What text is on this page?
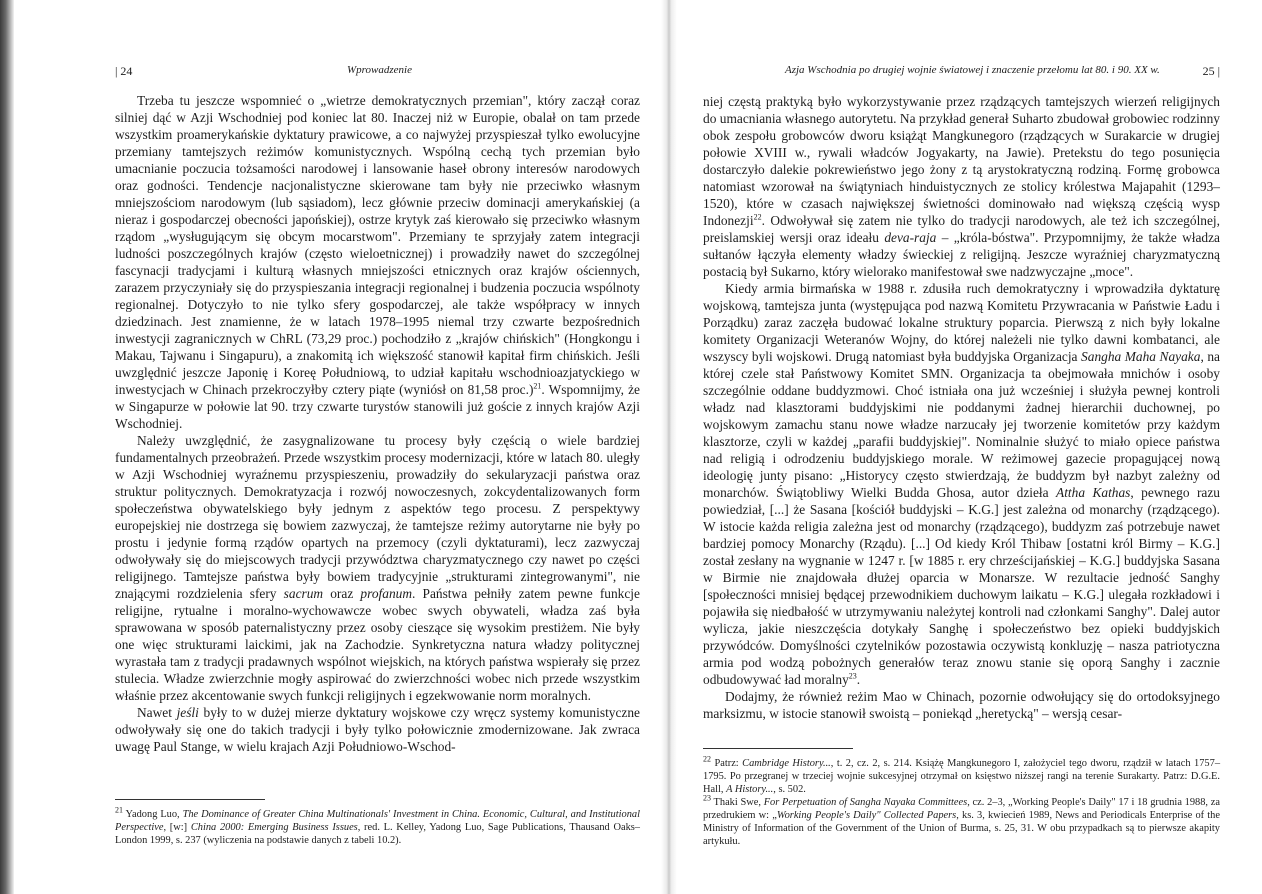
| 24	Wprowadzenie

Trzeba tu jeszcze wspomnieć o „wietrze demokratycznych przemian", który zaczął coraz silniej dąć w Azji Wschodniej pod koniec lat 80. Inaczej niż w Europie, obalał on tam przede wszystkim proamerykańskie dyktatury prawicowe, a co najwyżej przyspieszał tylko ewolucyjne przemiany tamtejszych reżimów komunistycznych. Wspólną cechą tych przemian było umacnianie poczucia tożsamości narodowej i lansowanie haseł obrony interesów narodowych oraz godności. Tendencje nacjonalistyczne skierowane tam były nie przeciwko własnym mniejszościom narodowym (lub sąsiadom), lecz głównie przeciw dominacji amerykańskiej (a nieraz i gospodarczej obecności japońskiej), ostrze krytyk zaś kierowało się przeciwko własnym rządom „wysługującym się obcym mocarstwom". Przemiany te sprzyjały zatem integracji ludności poszczególnych krajów (często wieloetnicznej) i prowadziły nawet do szczególnej fascynacji tradycjami i kulturą własnych mniejszości etnicznych oraz krajów ościennych, zarazem przyczyniały się do przyspieszania integracji regionalnej i budzenia poczucia wspólnoty regionalnej. Dotyczyło to nie tylko sfery gospodarczej, ale także współpracy w innych dziedzinach. Jest znamienne, że w latach 1978–1995 niemal trzy czwarte bezpośrednich inwestycji zagranicznych w ChRL (73,29 proc.) pochodziło z „krajów chińskich" (Hongkongu i Makau, Tajwanu i Singapuru), a znakomitą ich większość stanowił kapitał firm chińskich. Jeśli uwzględnić jeszcze Japonię i Koreę Południową, to udział kapitału wschodnioazjatyckiego w inwestycjach w Chinach przekroczyłby cztery piąte (wyniósł on 81,58 proc.)$^{21}$. Wspomnijmy, że w Singapurze w połowie lat 90. trzy czwarte turystów stanowili już goście z innych krajów Azji Wschodniej.

Należy uwzględnić, że zasygnalizowane tu procesy były częścią o wiele bardziej fundamentalnych przeobrażeń. Przede wszystkim procesy modernizacji, które w latach 80. uległy w Azji Wschodniej wyraźnemu przyspieszeniu, prowadziły do sekularyzacji państwa oraz struktur politycznych. Demokratyzacja i rozwój nowoczesnych, zokcydentalizowanych form społeczeństwa obywatelskiego były jednym z aspektów tego procesu. Z perspektywy europejskiej nie dostrzega się bowiem zazwyczaj, że tamtejsze reżimy autorytarne nie były po prostu i jedynie formą rządów opartych na przemocy (czyli dyktaturami), lecz zazwyczaj odwoływały się do miejscowych tradycji przywództwa charyzmatycznego czy nawet po części religijnego. Tamtejsze państwa były bowiem tradycyjnie „strukturami zintegrowanymi", nie znającymi rozdzielenia sfery sacrum oraz profanum. Państwa pełniły zatem pewne funkcje religijne, rytualne i moralno-wychowawcze wobec swych obywateli, władza zaś była sprawowana w sposób paternalistyczny przez osoby cieszące się wysokim prestiżem. Nie były one więc strukturami laickimi, jak na Zachodzie. Synkretyczna natura władzy politycznej wyrastała tam z tradycji pradawnych wspólnot wiejskich, na których państwa wspierały się przez stulecia. Władze zwierzchnie mogły aspirować do zwierzchności wobec nich przede wszystkim właśnie przez akcentowanie swych funkcji religijnych i egzekwowanie norm moralnych.

Nawet jeśli były to w dużej mierze dyktatury wojskowe czy wręcz systemy komunistyczne odwoływały się one do takich tradycji i były tylko połowicznie zmodernizowane. Jak zwraca uwagę Paul Stange, w wielu krajach Azji Południowo-Wschod-

$^{21}$ Yadong Luo, The Dominance of Greater China Multinationals' Investment in China. Economic, Cultural, and Institutional Perspective, [w:] China 2000: Emerging Business Issues, red. L. Kelley, Yadong Luo, Sage Publications, Thausand Oaks–London 1999, s. 237 (wyliczenia na podstawie danych z tabeli 10.2).

Azja Wschodnia po drugiej wojnie światowej i znaczenie przełomu lat 80. i 90. XX w.	25 |

niej częstą praktyką było wykorzystywanie przez rządzących tamtejszych wierzeń religijnych do umacniania własnego autorytetu. Na przykład generał Suharto zbudował grobowiec rodzinny obok zespołu grobowców dworu książąt Mangkunegoro (rządzących w Surakarcie w drugiej połowie XVIII w., rywali władców Jogyakarty, na Jawie). Pretekstu do tego posunięcia dostarczyło dalekie pokrewieństwo jego żony z tą arystokratyczną rodziną. Formę grobowca natomiast wzorował na świątyniach hinduistycznych ze stolicy królestwa Majapahit (1293–1520), które w czasach największej świetności dominowało nad większą częścią wysp Indonezji$^{22}$. Odwoływał się zatem nie tylko do tradycji narodowych, ale też ich szczególnej, preislamskiej wersji oraz ideału deva-raja – „króla-bóstwa". Przypomnijmy, że także władza sułtanów łączyła elementy władzy świeckiej z religijną. Jeszcze wyraźniej charyzmatyczną postacią był Sukarno, który wielorako manifestował swe nadzwyczajne „moce".

Kiedy armia birmańska w 1988 r. zdusiła ruch demokratyczny i wprowadziła dyktaturę wojskową, tamtejsza junta (występująca pod nazwą Komitetu Przywracania w Państwie Ładu i Porządku) zaraz zaczęła budować lokalne struktury poparcia. Pierwszą z nich były lokalne komitety Organizacji Weteranów Wojny, do której należeli nie tylko dawni kombatanci, ale wszyscy byli wojskowi. Drugą natomiast była buddyjska Organizacja Sangha Maha Nayaka, na której czele stał Państwowy Komitet SMN. Organizacja ta obejmowała mnichów i osoby szczególnie oddane buddyzmowi. Choć istniała ona już wcześniej i służyła pewnej kontroli władz nad klasztorami buddyjskimi nie poddanymi żadnej hierarchii duchownej, po wojskowym zamachu stanu nowe władze narzucały jej tworzenie komitetów przy każdym klasztorze, czyli w każdej „parafii buddyjskiej". Nominalnie służyć to miało opiece państwa nad religią i odrodzeniu buddyjskiego morale. W reżimowej gazecie propagującej nową ideologię junty pisano: „Historycy często stwierdzają, że buddyzm był nazbyt zależny od monarchów. Świątobliwy Wielki Budda Ghosa, autor dzieła Attha Kathas, pewnego razu powiedział, [...] że Sasana [kościół buddyjski – K.G.] jest zależna od monarchy (rządzącego). W istocie każda religia zależna jest od monarchy (rządzącego), buddyzm zaś potrzebuje nawet bardziej pomocy Monarchy (Rządu). [...] Od kiedy Król Thibaw [ostatni król Birmy – K.G.] został zesłany na wygnanie w 1247 r. [w 1885 r. ery chrześcijańskiej – K.G.] buddyjska Sasana w Birmie nie znajdowała dłużej oparcia w Monarsze. W rezultacie jedność Sanghy [społeczności mnisiej będącej przewodnikiem duchowym laikatu – K.G.] ulegała rozkładowi i pojawiła się niedbałość w utrzymywaniu należytej kontroli nad członkami Sanghy". Dalej autor wylicza, jakie nieszczęścia dotykały Sanghę i społeczeństwo bez opieki buddyjskich przywódców. Domyślności czytelników pozostawia oczywistą konkluzję – nasza patriotyczna armia pod wodzą pobożnych generałów teraz znowu stanie się oporą Sanghy i zacznie odbudowywać ład moralny$^{23}$.

Dodajmy, że również reżim Mao w Chinach, pozornie odwołujący się do ortodoksyjnego marksizmu, w istocie stanowił swoistą – poniekąd „heretycką" – wersją cesar-

$^{22}$ Patrz: Cambridge History..., t. 2, cz. 2, s. 214. Książę Mangkunegoro I, założyciel tego dworu, rządził w latach 1757–1795. Po przegranej w trzeciej wojnie sukcesyjnej otrzymał on księstwo niższej rangi na terenie Surakarty. Patrz: D.G.E. Hall, A History..., s. 502.

$^{23}$ Thaki Swe, For Perpetuation of Sangha Nayaka Committees, cz. 2–3, „Working People's Daily" 17 i 18 grudnia 1988, za przedrukiem w: „Working People's Daily" Collected Papers, ks. 3, kwiecień 1989, News and Periodicals Enterprise of the Ministry of Information of the Government of the Union of Burma, s. 25, 31. W obu przypadkach są to pierwsze akapity artykułu.
